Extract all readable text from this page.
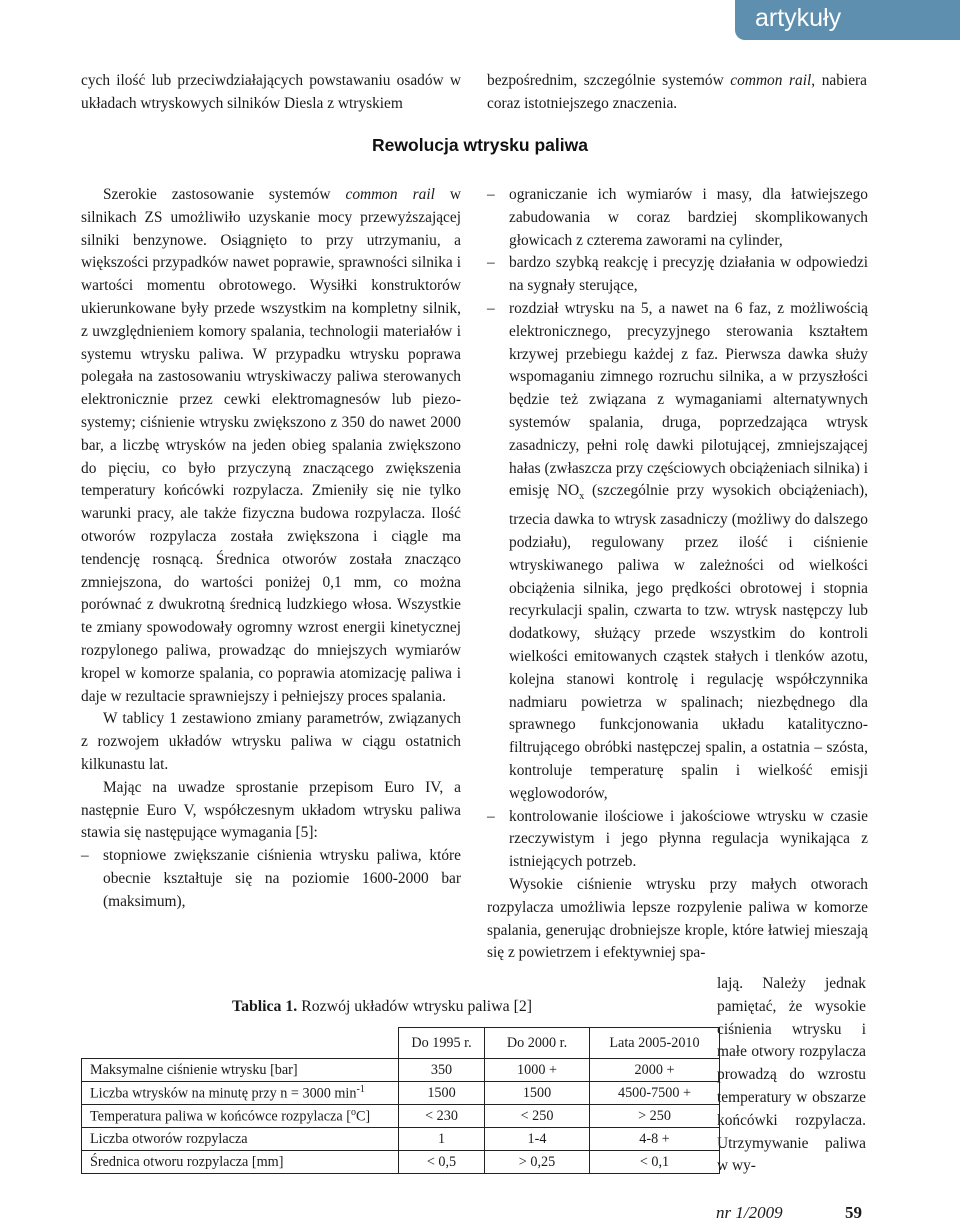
artykuły

cych ilość lub przeciwdziałających powstawaniu osadów w układach wtryskowych silników Diesla z wtryskiem

bezpośrednim, szczególnie systemów common rail, nabiera coraz istotniejszego znaczenia.

Rewolucja wtrysku paliwa

Szerokie zastosowanie systemów common rail w silnikach ZS umożliwiło uzyskanie mocy przewyższającej silniki benzynowe. Osiągnięto to przy utrzymaniu, a większości przypadków nawet poprawie, sprawności silnika i wartości momentu obrotowego. Wysiłki konstruktorów ukierunkowane były przede wszystkim na kompletny silnik, z uwzględnieniem komory spalania, technologii materiałów i systemu wtrysku paliwa. W przypadku wtrysku poprawa polegała na zastosowaniu wtryskiwaczy paliwa sterowanych elektronicznie przez cewki elektromagnesów lub piezo-systemy; ciśnienie wtrysku zwiększono z 350 do nawet 2000 bar, a liczbę wtrysków na jeden obieg spalania zwiększono do pięciu, co było przyczyną znaczącego zwiększenia temperatury końcówki rozpylacza. Zmieniły się nie tylko warunki pracy, ale także fizyczna budowa rozpylacza. Ilość otworów rozpylacza została zwiększona i ciągle ma tendencję rosnącą. Średnica otworów została znacząco zmniejszona, do wartości poniżej 0,1 mm, co można porównać z dwukrotną średnicą ludzkiego włosa. Wszystkie te zmiany spowodowały ogromny wzrost energii kinetycznej rozpylonego paliwa, prowadząc do mniejszych wymiarów kropel w komorze spalania, co poprawia atomizację paliwa i daje w rezultacie sprawniejszy i pełniejszy proces spalania.

W tablicy 1 zestawiono zmiany parametrów, związanych z rozwojem układów wtrysku paliwa w ciągu ostatnich kilkunastu lat.

Mając na uwadze sprostanie przepisom Euro IV, a następnie Euro V, współczesnym układom wtrysku paliwa stawia się następujące wymagania [5]:

– stopniowe zwiększanie ciśnienia wtrysku paliwa, które obecnie kształtuje się na poziomie 1600-2000 bar (maksimum),
– ograniczanie ich wymiarów i masy, dla łatwiejszego zabudowania w coraz bardziej skomplikowanych głowicach z czterema zaworami na cylinder,
– bardzo szybką reakcję i precyzję działania w odpowiedzi na sygnały sterujące,
– rozdział wtrysku na 5, a nawet na 6 faz, z możliwością elektronicznego, precyzyjnego sterowania kształtem krzywej przebiegu każdej z faz. Pierwsza dawka służy wspomaganiu zimnego rozruchu silnika, a w przyszłości będzie też związana z wymaganiami alternatywnych systemów spalania, druga, poprzedzająca wtrysk zasadniczy, pełni rolę dawki pilotującej, zmniejszającej hałas (zwłaszcza przy częściowych obciążeniach silnika) i emisję $NO_x$ (szczególnie przy wysokich obciążeniach), trzecia dawka to wtrysk zasadniczy (możliwy do dalszego podziału), regulowany przez ilość i ciśnienie wtryskiwanego paliwa w zależności od wielkości obciążenia silnika, jego prędkości obrotowej i stopnia recyrkulacji spalin, czwarta to tzw. wtrysk następczy lub dodatkowy, służący przede wszystkim do kontroli wielkości emitowanych cząstek stałych i tlenków azotu, kolejna stanowi kontrolę i regulację współczynnika nadmiaru powietrza w spalinach; niezbędnego dla sprawnego funkcjonowania układu katalityczno-filtrującego obróbki następczej spalin, a ostatnia – szósta, kontroluje temperaturę spalin i wielkość emisji węglowodorów,
– kontrolowanie ilościowe i jakościowe wtrysku w czasie rzeczywistym i jego płynna regulacja wynikająca z istniejących potrzeb.

Wysokie ciśnienie wtrysku przy małych otworach rozpylacza umożliwia lepsze rozpylenie paliwa w komorze spalania, generując drobniejsze krople, które łatwiej mieszają się z powietrzem i efektywniej spa-

lają. Należy jednak pamiętać, że wysokie ciśnienia wtrysku i małe otwory rozpylacza prowadzą do wzrostu temperatury w obszarze końcówki rozpylacza. Utrzymywanie paliwa w wy-

Tablica 1. Rozwój układów wtrysku paliwa [2]
	Do 1995 r.	Do 2000 r.	Lata 2005-2010
Maksymalne ciśnienie wtrysku [bar]	350	1000 +	2000 +
Liczba wtrysków na minutę przy n = 3000 $\min^{-1}$	1500	1500	4500-7500 +
Temperatura paliwa w końcówce rozpylacza [$^o$C]	< 230	< 250	> 250
Liczba otworów rozpylacza	1	1-4	4-8 +
Średnica otworu rozpylacza [mm]	< 0,5	> 0,25	< 0,1
nr 1/2009	59
